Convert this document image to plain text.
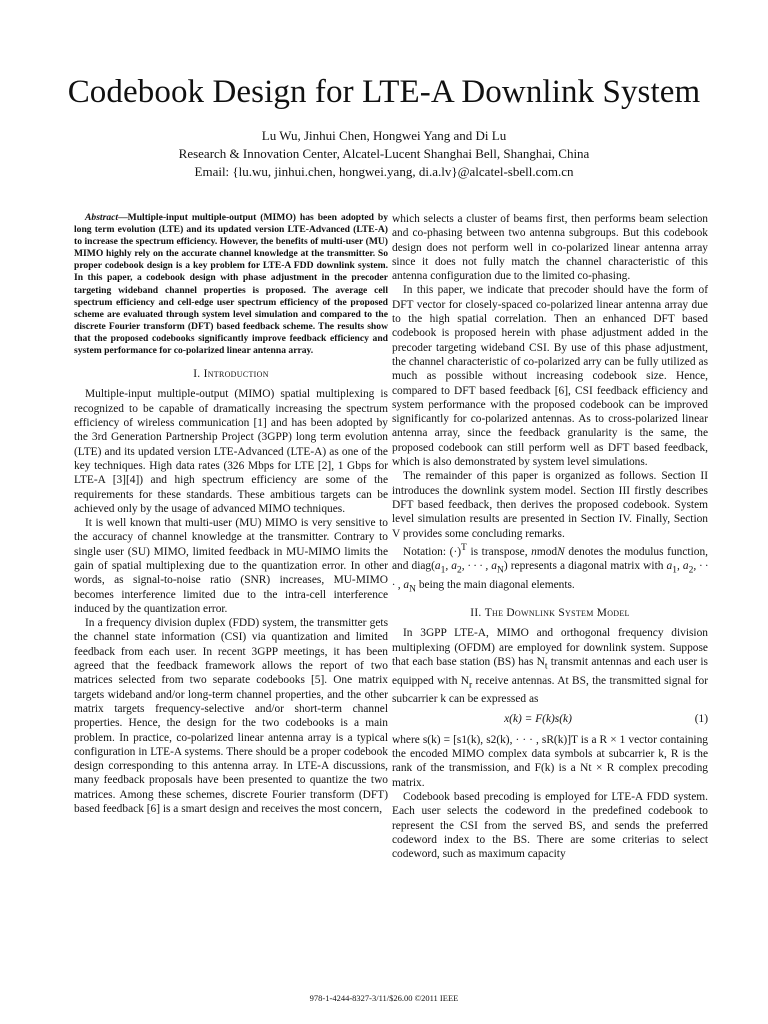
Codebook Design for LTE-A Downlink System
Lu Wu, Jinhui Chen, Hongwei Yang and Di Lu
Research & Innovation Center, Alcatel-Lucent Shanghai Bell, Shanghai, China
Email: {lu.wu, jinhui.chen, hongwei.yang, di.a.lv}@alcatel-sbell.com.cn

Abstract—Multiple-input multiple-output (MIMO) has been adopted by long term evolution (LTE) and its updated version LTE-Advanced (LTE-A) to increase the spectrum efficiency. However, the benefits of multi-user (MU) MIMO highly rely on the accurate channel knowledge at the transmitter. So proper codebook design is a key problem for LTE-A FDD downlink system. In this paper, a codebook design with phase adjustment in the precoder targeting wideband channel properties is proposed. The average cell spectrum efficiency and cell-edge user spectrum efficiency of the proposed scheme are evaluated through system level simulation and compared to the discrete Fourier transform (DFT) based feedback scheme. The results show that the proposed codebooks significantly improve feedback efficiency and system performance for co-polarized linear antenna array.

I. Introduction

Multiple-input multiple-output (MIMO) spatial multiplexing is recognized to be capable of dramatically increasing the spectrum efficiency of wireless communication [1] and has been adopted by the 3rd Generation Partnership Project (3GPP) long term evolution (LTE) and its updated version LTE-Advanced (LTE-A) as one of the key techniques. High data rates (326 Mbps for LTE [2], 1 Gbps for LTE-A [3][4]) and high spectrum efficiency are some of the requirements for these standards. These ambitious targets can be achieved only by the usage of advanced MIMO techniques.

It is well known that multi-user (MU) MIMO is very sensitive to the accuracy of channel knowledge at the transmitter. Contrary to single user (SU) MIMO, limited feedback in MU-MIMO limits the gain of spatial multiplexing due to the quantization error. In other words, as signal-to-noise ratio (SNR) increases, MU-MIMO becomes interference limited due to the intra-cell interference induced by the quantization error.

In a frequency division duplex (FDD) system, the transmitter gets the channel state information (CSI) via quantization and limited feedback from each user. In recent 3GPP meetings, it has been agreed that the feedback framework allows the report of two matrices selected from two separate codebooks [5]. One matrix targets wideband and/or long-term channel properties, and the other matrix targets frequency-selective and/or short-term channel properties. Hence, the design for the two codebooks is a main problem. In practice, co-polarized linear antenna array is a typical configuration in LTE-A systems. There should be a proper codebook design corresponding to this antenna array. In LTE-A discussions, many feedback proposals have been presented to quantize the two matrices. Among these schemes, discrete Fourier transform (DFT) based feedback [6] is a smart design and receives the most concern,

which selects a cluster of beams first, then performs beam selection and co-phasing between two antenna subgroups. But this codebook design does not perform well in co-polarized linear antenna array since it does not fully match the channel characteristic of this antenna configuration due to the limited co-phasing.

In this paper, we indicate that precoder should have the form of DFT vector for closely-spaced co-polarized linear antenna array due to the high spatial correlation. Then an enhanced DFT based codebook is proposed herein with phase adjustment added in the precoder targeting wideband CSI. By use of this phase adjustment, the channel characteristic of co-polarized arry can be fully utilized as much as possible without increasing codebook size. Hence, compared to DFT based feedback [6], CSI feedback efficiency and system performance with the proposed codebook can be improved significantly for co-polarized antennas. As to cross-polarized linear antenna array, since the feedback granularity is the same, the proposed codebook can still perform well as DFT based feedback, which is also demonstrated by system level simulations.

The remainder of this paper is organized as follows. Section II introduces the downlink system model. Section III firstly describes DFT based feedback, then derives the proposed codebook. System level simulation results are presented in Section IV. Finally, Section V provides some concluding remarks.

Notation: $(\cdot)^T$ is transpose, nmodN denotes the modulus function, and $diag(a_1$, $a_2$, · · · , $a_N$) represents a diagonal matrix with $a_1$, $a_2$, · · · , $a_N$ being the main diagonal elements.

II. The Downlink System Model

In 3GPP LTE-A, MIMO and orthogonal frequency division multiplexing (OFDM) are employed for downlink system. Suppose that each base station (BS) has $N_t$ transmit antennas and each user is equipped with $N_r$ receive antennas. At BS, the transmitted signal for subcarrier k can be expressed as

x(k) = F(k)s(k)	(1)

where s(k) = [s1(k), s2(k), · · · , sR(k)]T is a R × 1 vector containing the encoded MIMO complex data symbols at subcarrier k, R is the rank of the transmission, and F(k) is a Nt × R complex precoding matrix.

Codebook based precoding is employed for LTE-A FDD system. Each user selects the codeword in the predefined codebook to represent the CSI from the served BS, and sends the preferred codeword index to the BS. There are some criterias to select codeword, such as maximum capacity

978-1-4244-8327-3/11/$26.00 ©2011 IEEE
